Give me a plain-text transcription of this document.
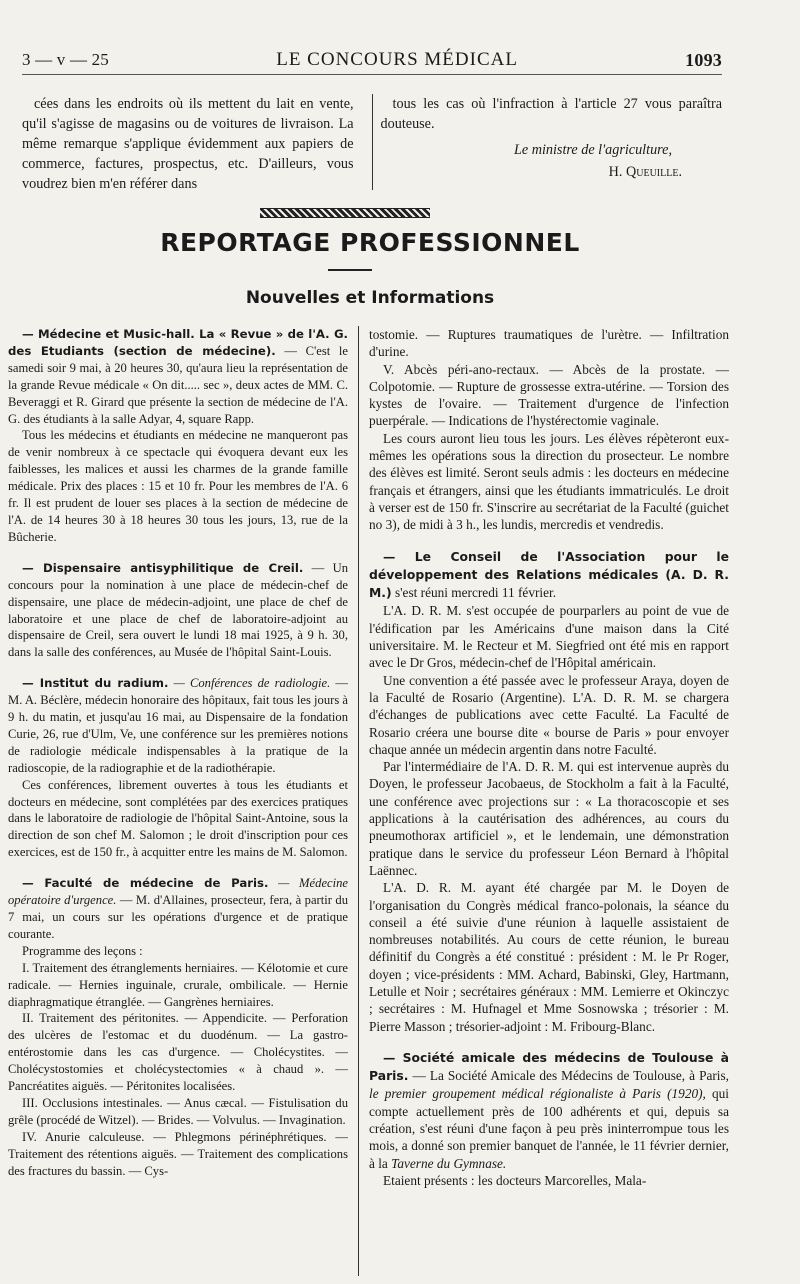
3 — v — 25	LE CONCOURS MÉDICAL	1093

cées dans les endroits où ils mettent du lait en vente, qu'il s'agisse de magasins ou de voitures de livraison. La même remarque s'applique évidemment aux papiers de commerce, factures, prospectus, etc. D'ailleurs, vous voudrez bien m'en référer dans

tous les cas où l'infraction à l'article 27 vous paraîtra douteuse.

Le ministre de l'agriculture,
H. Queuille.
REPORTAGE PROFESSIONNEL
Nouvelles et Informations

— Médecine et Music-hall. La « Revue » de l'A. G. des Etudiants (section de médecine). — C'est le samedi soir 9 mai, à 20 heures 30, qu'aura lieu la représentation de la grande Revue médicale « On dit..... sec », deux actes de MM. C. Beveraggi et R. Girard que présente la section de médecine de l'A. G. des étudiants à la salle Adyar, 4, square Rapp.

Tous les médecins et étudiants en médecine ne manqueront pas de venir nombreux à ce spectacle qui évoquera devant eux les faiblesses, les malices et aussi les charmes de la grande famille médicale. Prix des places : 15 et 10 fr. Pour les membres de l'A. 6 fr. Il est prudent de louer ses places à la section de médecine de l'A. de 14 heures 30 à 18 heures 30 tous les jours, 13, rue de la Bûcherie.

— Dispensaire antisyphilitique de Creil. — Un concours pour la nomination à une place de médecin-chef de dispensaire, une place de médecin-adjoint, une place de chef de laboratoire et une place de chef de laboratoire-adjoint au dispensaire de Creil, sera ouvert le lundi 18 mai 1925, à 9 h. 30, dans la salle des conférences, au Musée de l'hôpital Saint-Louis.

— Institut du radium. — Conférences de radiologie. — M. A. Béclère, médecin honoraire des hôpitaux, fait tous les jours à 9 h. du matin, et jusqu'au 16 mai, au Dispensaire de la fondation Curie, 26, rue d'Ulm, Ve, une conférence sur les premières notions de radiologie médicale indispensables à la pratique de la radioscopie, de la radiographie et de la radiothérapie.

Ces conférences, librement ouvertes à tous les étudiants et docteurs en médecine, sont complétées par des exercices pratiques dans le laboratoire de radiologie de l'hôpital Saint-Antoine, sous la direction de son chef M. Salomon ; le droit d'inscription pour ces exercices, est de 150 fr., à acquitter entre les mains de M. Salomon.

— Faculté de médecine de Paris. — Médecine opératoire d'urgence. — M. d'Allaines, prosecteur, fera, à partir du 7 mai, un cours sur les opérations d'urgence et de pratique courante.

Programme des leçons :

I. Traitement des étranglements herniaires. — Kélotomie et cure radicale. — Hernies inguinale, crurale, ombilicale. — Hernie diaphragmatique étranglée. — Gangrènes herniaires.

II. Traitement des péritonites. — Appendicite. — Perforation des ulcères de l'estomac et du duodénum. — La gastro-entérostomie dans les cas d'urgence. — Cholécystites. — Cholécystostomies et cholécystectomies « à chaud ». — Pancréatites aiguës. — Péritonites localisées.

III. Occlusions intestinales. — Anus cæcal. — Fistulisation du grêle (procédé de Witzel). — Brides. — Volvulus. — Invagination.

IV. Anurie calculeuse. — Phlegmons périnéphrétiques. — Traitement des rétentions aiguës. — Traitement des complications des fractures du bassin. — Cys-

tostomie. — Ruptures traumatiques de l'urètre. — Infiltration d'urine.

V. Abcès péri-ano-rectaux. — Abcès de la prostate. — Colpotomie. — Rupture de grossesse extra-utérine. — Torsion des kystes de l'ovaire. — Traitement d'urgence de l'infection puerpérale. — Indications de l'hystérectomie vaginale.

Les cours auront lieu tous les jours. Les élèves répèteront eux-mêmes les opérations sous la direction du prosecteur. Le nombre des élèves est limité. Seront seuls admis : les docteurs en médecine français et étrangers, ainsi que les étudiants immatriculés. Le droit à verser est de 150 fr. S'inscrire au secrétariat de la Faculté (guichet no 3), de midi à 3 h., les lundis, mercredis et vendredis.

— Le Conseil de l'Association pour le développement des Relations médicales (A. D. R. M.) s'est réuni mercredi 11 février.

L'A. D. R. M. s'est occupée de pourparlers au point de vue de l'édification par les Américains d'une maison dans la Cité universitaire. M. le Recteur et M. Siegfried ont été mis en rapport avec le Dr Gros, médecin-chef de l'Hôpital américain.

Une convention a été passée avec le professeur Araya, doyen de la Faculté de Rosario (Argentine). L'A. D. R. M. se chargera d'échanges de publications avec cette Faculté. La Faculté de Rosario créera une bourse dite « bourse de Paris » pour envoyer chaque année un médecin argentin dans notre Faculté.

Par l'intermédiaire de l'A. D. R. M. qui est intervenue auprès du Doyen, le professeur Jacobaeus, de Stockholm a fait à la Faculté, une conférence avec projections sur : « La thoracoscopie et ses applications à la cautérisation des adhérences, au cours du pneumothorax artificiel », et le lendemain, une démonstration pratique dans le service du professeur Léon Bernard à l'hôpital Laënnec.

L'A. D. R. M. ayant été chargée par M. le Doyen de l'organisation du Congrès médical franco-polonais, la séance du conseil a été suivie d'une réunion à laquelle assistaient de nombreuses notabilités. Au cours de cette réunion, le bureau définitif du Congrès a été constitué : président : M. le Pr Roger, doyen ; vice-présidents : MM. Achard, Babinski, Gley, Hartmann, Letulle et Noir ; secrétaires généraux : MM. Lemierre et Okinczyc ; secrétaires : M. Hufnagel et Mme Sosnowska ; trésorier : M. Pierre Masson ; trésorier-adjoint : M. Fribourg-Blanc.

— Société amicale des médecins de Toulouse à Paris. — La Société Amicale des Médecins de Toulouse, à Paris, le premier groupement médical régionaliste à Paris (1920), qui compte actuellement près de 100 adhérents et qui, depuis sa création, s'est réuni d'une façon à peu près ininterrompue tous les mois, a donné son premier banquet de l'année, le 11 février dernier, à la Taverne du Gymnase.

Etaient présents : les docteurs Marcorelles, Mala-
